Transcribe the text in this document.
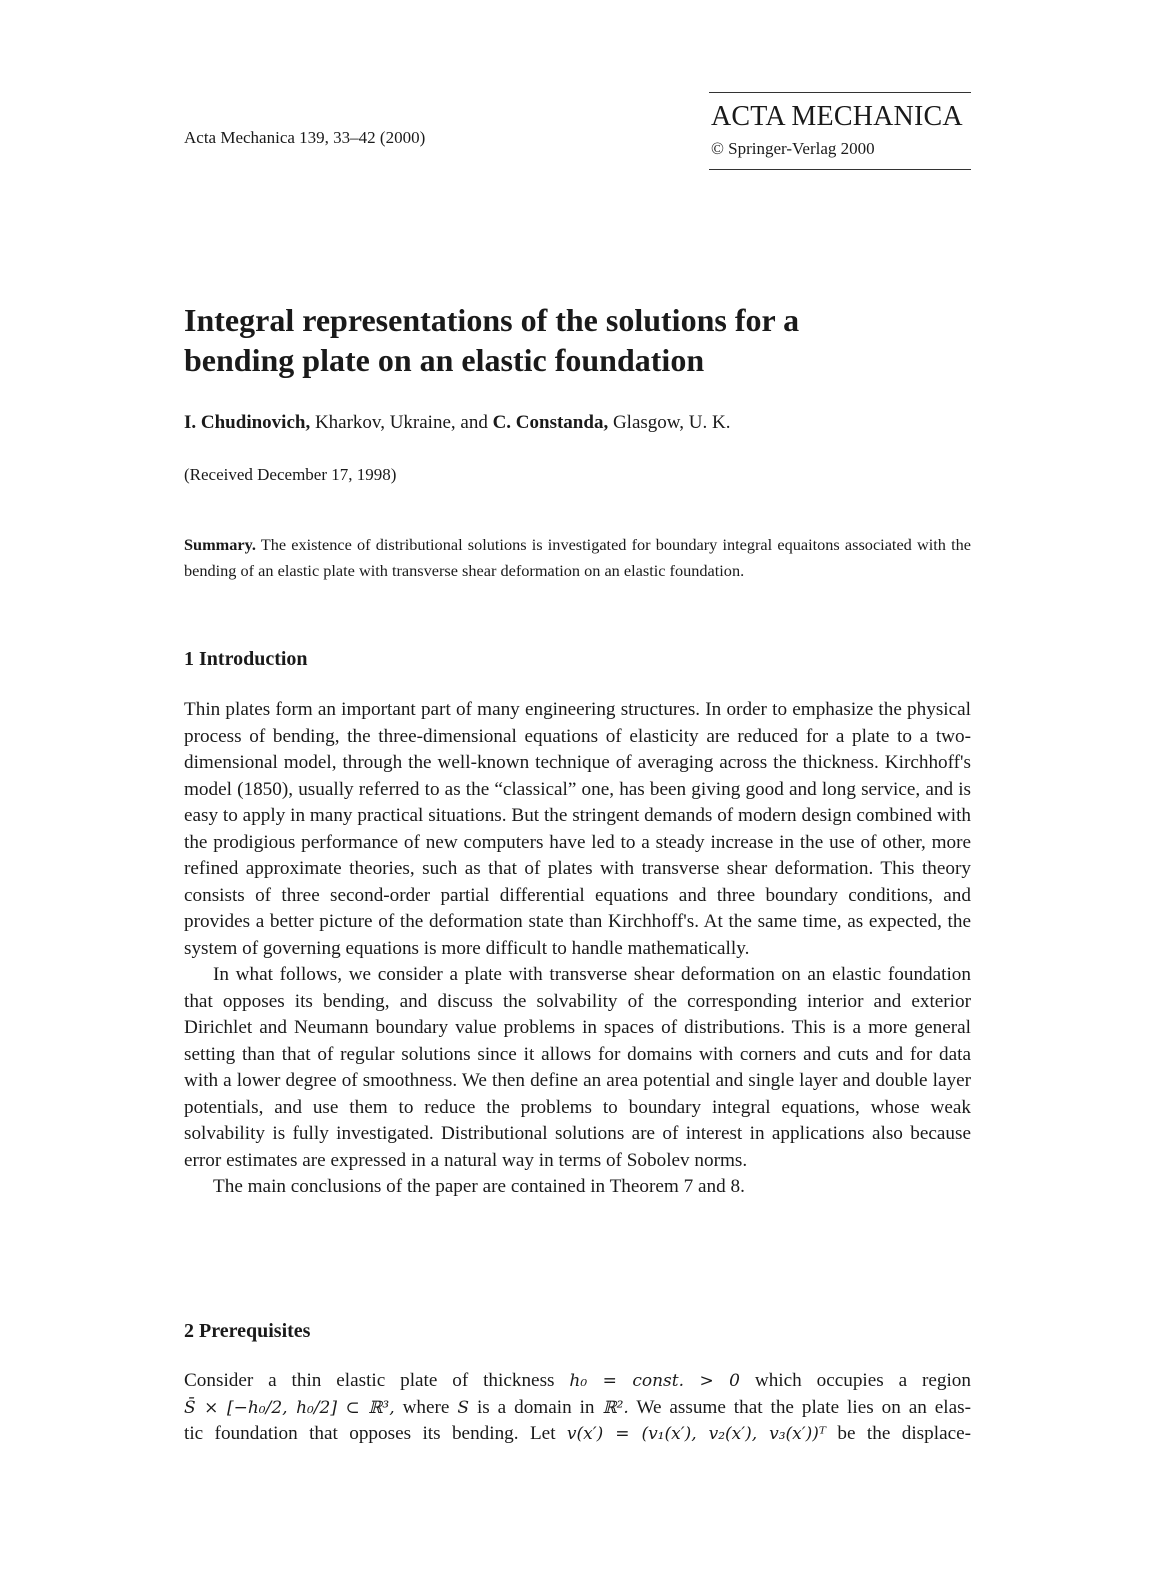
Acta Mechanica 139, 33–42 (2000)
ACTA MECHANICA
© Springer-Verlag 2000
Integral representations of the solutions for a
bending plate on an elastic foundation
I. Chudinovich, Kharkov, Ukraine, and C. Constanda, Glasgow, U. K.
(Received December 17, 1998)
Summary. The existence of distributional solutions is investigated for boundary integral equaitons associated with the bending of an elastic plate with transverse shear deformation on an elastic foundation.
1 Introduction

Thin plates form an important part of many engineering structures. In order to emphasize the physical process of bending, the three-dimensional equations of elasticity are reduced for a plate to a two-dimensional model, through the well-known technique of averaging across the thickness. Kirchhoff's model (1850), usually referred to as the “classical” one, has been giving good and long service, and is easy to apply in many practical situations. But the stringent demands of modern design combined with the prodigious performance of new computers have led to a steady increase in the use of other, more refined approximate theories, such as that of plates with transverse shear deformation. This theory consists of three second-order partial differential equations and three boundary conditions, and provides a better picture of the deformation state than Kirchhoff's. At the same time, as expected, the system of governing equations is more difficult to handle mathematically.

In what follows, we consider a plate with transverse shear deformation on an elastic foundation that opposes its bending, and discuss the solvability of the corresponding interior and exterior Dirichlet and Neumann boundary value problems in spaces of distributions. This is a more general setting than that of regular solutions since it allows for domains with corners and cuts and for data with a lower degree of smoothness. We then define an area potential and single layer and double layer potentials, and use them to reduce the problems to boundary integral equations, whose weak solvability is fully investigated. Distributional solutions are of interest in applications also because error estimates are expressed in a natural way in terms of Sobolev norms.

The main conclusions of the paper are contained in Theorem 7 and 8.

2 Prerequisites
Consider a thin elastic plate of thickness h₀ = const. > 0 which occupies a region
S̄ × [−h₀/2, h₀/2] ⊂ ℝ³, where S is a domain in ℝ². We assume that the plate lies on an elas-
tic foundation that opposes its bending. Let v(x′) = (v₁(x′), v₂(x′), v₃(x′))ᵀ be the displace-
